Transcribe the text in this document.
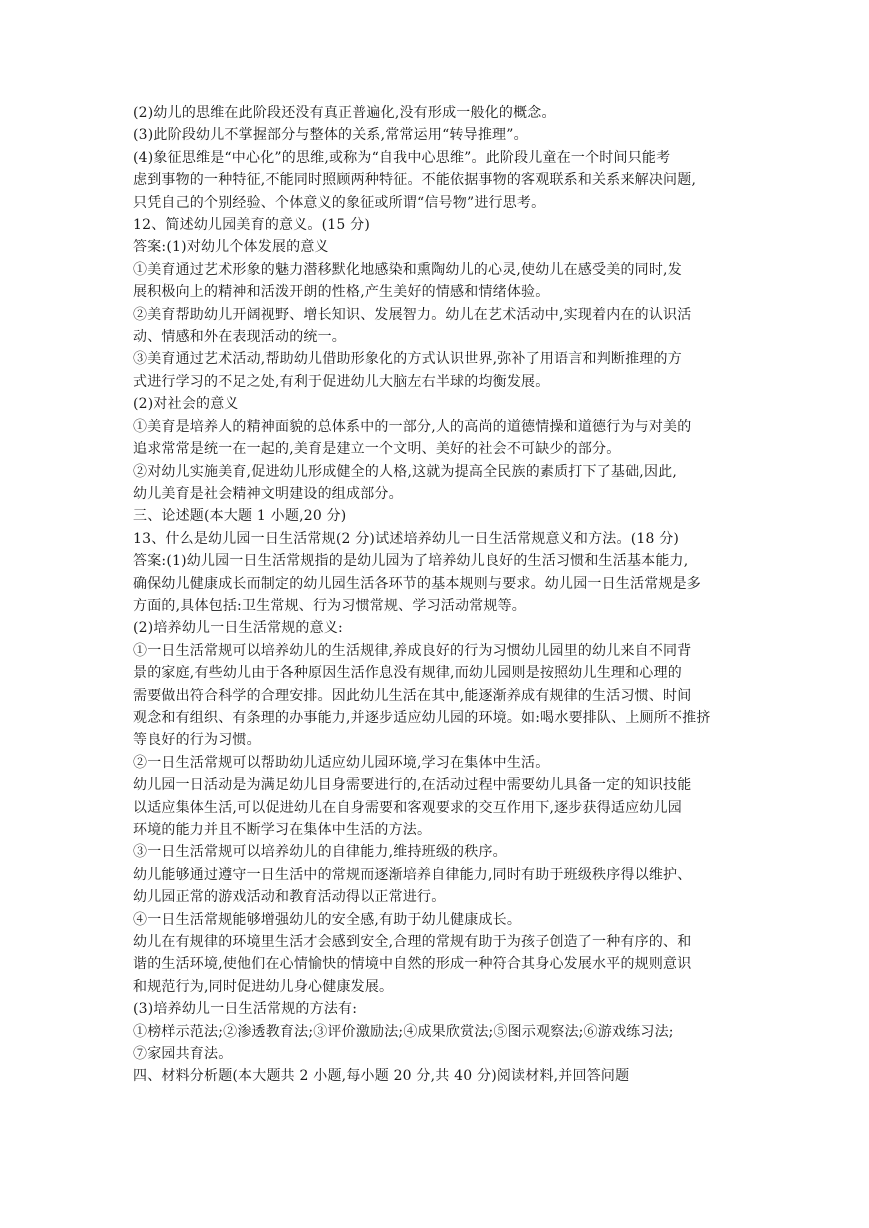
(2)幼儿的思维在此阶段还没有真正普遍化,没有形成一般化的概念。

(3)此阶段幼儿不掌握部分与整体的关系,常常运用“转导推理”。

(4)象征思维是“中心化”的思维,或称为“自我中心思维”。此阶段儿童在一个时间只能考

虑到事物的一种特征,不能同时照顾两种特征。不能依据事物的客观联系和关系来解决问题,

只凭自己的个别经验、个体意义的象征或所谓“信号物”进行思考。

12、简述幼儿园美育的意义。(15 分)

答案:(1)对幼儿个体发展的意义

①美育通过艺术形象的魅力潜移默化地感染和熏陶幼儿的心灵,使幼儿在感受美的同时,发

展积极向上的精神和活泼开朗的性格,产生美好的情感和情绪体验。

②美育帮助幼儿开阔视野、增长知识、发展智力。幼儿在艺术活动中,实现着内在的认识活

动、情感和外在表现活动的统一。

③美育通过艺术活动,帮助幼儿借助形象化的方式认识世界,弥补了用语言和判断推理的方

式进行学习的不足之处,有利于促进幼儿大脑左右半球的均衡发展。

(2)对社会的意义

①美育是培养人的精神面貌的总体系中的一部分,人的高尚的道德情操和道德行为与对美的

追求常常是统一在一起的,美育是建立一个文明、美好的社会不可缺少的部分。

②对幼儿实施美育,促进幼儿形成健全的人格,这就为提高全民族的素质打下了基础,因此,

幼儿美育是社会精神文明建设的组成部分。

三、论述题(本大题 1 小题,20 分)

13、什么是幼儿园一日生活常规(2 分)试述培养幼儿一日生活常规意义和方法。(18 分)

答案:(1)幼儿园一日生活常规指的是幼儿园为了培养幼儿良好的生活习惯和生活基本能力,

确保幼儿健康成长而制定的幼儿园生活各环节的基本规则与要求。幼儿园一日生活常规是多

方面的,具体包括:卫生常规、行为习惯常规、学习活动常规等。

(2)培养幼儿一日生活常规的意义:

①一日生活常规可以培养幼儿的生活规律,养成良好的行为习惯幼儿园里的幼儿来自不同背

景的家庭,有些幼儿由于各种原因生活作息没有规律,而幼儿园则是按照幼儿生理和心理的

需要做出符合科学的合理安排。因此幼儿生活在其中,能逐渐养成有规律的生活习惯、时间

观念和有组织、有条理的办事能力,并逐步适应幼儿园的环境。如:喝水要排队、上厕所不推挤

等良好的行为习惯。

②一日生活常规可以帮助幼儿适应幼儿园环境,学习在集体中生活。

幼儿园一日活动是为满足幼儿目身需要进行的,在活动过程中需要幼儿具备一定的知识技能

以适应集体生活,可以促进幼儿在自身需要和客观要求的交互作用下,逐步获得适应幼儿园

环境的能力并且不断学习在集体中生活的方法。

③一日生活常规可以培养幼儿的自律能力,维持班级的秩序。

幼儿能够通过遵守一日生活中的常规而逐渐培养自律能力,同时有助于班级秩序得以维护、

幼儿园正常的游戏活动和教育活动得以正常进行。

④一日生活常规能够增强幼儿的安全感,有助于幼儿健康成长。

幼儿在有规律的环境里生活才会感到安全,合理的常规有助于为孩子创造了一种有序的、和

谐的生活环境,使他们在心情愉快的情境中自然的形成一种符合其身心发展水平的规则意识

和规范行为,同时促进幼儿身心健康发展。

(3)培养幼儿一日生活常规的方法有:

①榜样示范法;②渗透教育法;③评价激励法;④成果欣赏法;⑤图示观察法;⑥游戏练习法;

⑦家园共育法。

四、材料分析题(本大题共 2 小题,每小题 20 分,共 40 分)阅读材料,并回答问题
